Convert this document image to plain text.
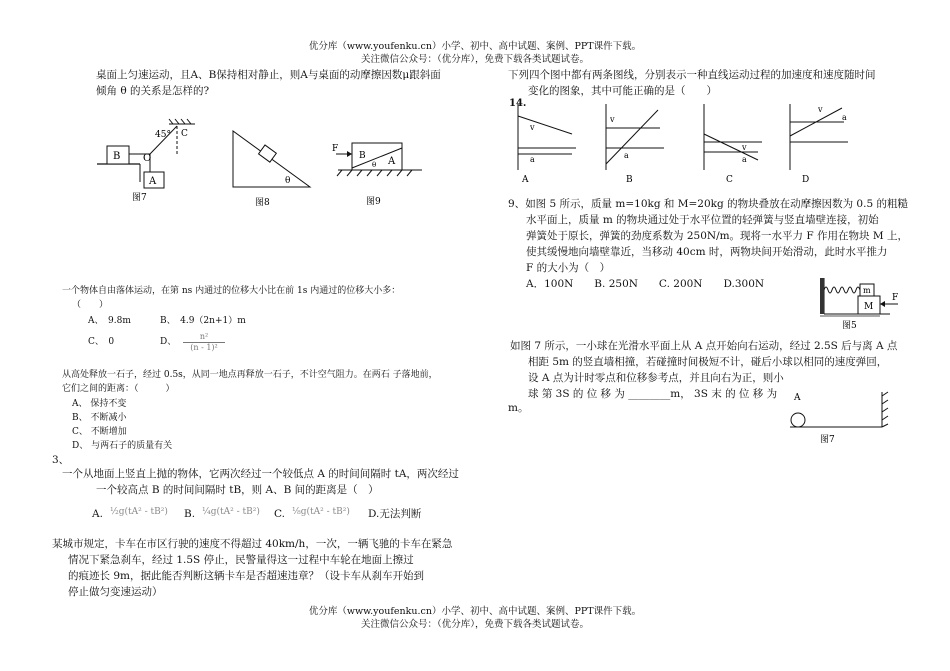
优分库（www.youfenku.cn）小学、初中、高中试题、案例、PPT课件下载。
关注微信公众号：（优分库），免费下载各类试题试卷。
桌面上匀速运动，且A、B保持相对静止，则A与桌面的动摩擦因数μ跟斜面
倾角 θ 的关系是怎样的?
B
A
O
C
45°
图7
θ
图8
F
B A
θ
图9
一个物体自由落体运动，在第 ns 内通过的位移大小比在前 1s 内通过的位移大小多：
（　　）
A、　9.8m	B、　4.9（2n+1）m
C、　0	D、 $\frac{\text{n²}}{\text{(n - 1)²}}$
从高处释放一石子，经过 0.5s，从同一地点再释放一石子，不计空气阻力。在两石 子落地前，
它们之间的距离：（　　　）
A、 保持不变
B、 不断减小
C、 不断增加
D、 与两石子的质量有关
3、
一个从地面上竖直上抛的物体，它两次经过一个较低点 A 的时间间隔时 tA，两次经过
一个较高点 B 的时间间隔时 tB，则 A、B 间的距离是（　）
A. ½g(tA² - tB²) B. ¼g(tA² - tB²) C. ⅛g(tA² - tB²) D.无法判断
某城市规定，卡车在市区行驶的速度不得超过 40km/h，一次，一辆飞驰的卡车在紧急
情况下紧急刹车，经过 1.5S 停止，民警量得这一过程中车轮在地面上擦过
的痕迹长 9m，据此能否判断这辆卡车是否超速违章？（设卡车从刹车开始到
停止做匀变速运动）
下列四个图中都有两条图线，分别表示一种直线运动过程的加速度和速度随时间
变化的图象，其中可能正确的是（　　）
14.
v
a
A
v
a
B
v
a
C
v
a
D
9、如图 5 所示，质量 m=10kg 和 M=20kg 的物块叠放在动摩擦因数为 0.5 的粗糙
水平面上，质量 m 的物块通过处于水平位置的轻弹簧与竖直墙壁连接，初始
弹簧处于原长，弹簧的劲度系数为 250N/m。现将一水平力 F 作用在物块 M 上，
使其缓慢地向墙壁靠近，当移动 40cm 时，两物块间开始滑动，此时水平推力
F 的大小为（　）
A．100N　　B. 250N　　C. 200N　　D.300N
m
M
F
图5
如图 7 所示，一小球在光滑水平面上从 A 点开始向右运动，经过 2.5S 后与离 A 点
相距 5m 的竖直墙相撞，若碰撞时间极短不计，碰后小球以相同的速度弹回，
设 A 点为计时零点和位移参考点，并且向右为正，则小
球 第 3S 的 位 移 为 ________m， 3S 末 的 位 移 为
m。
A
图7
优分库（www.youfenku.cn）小学、初中、高中试题、案例、PPT课件下载。
关注微信公众号：（优分库），免费下载各类试题试卷。
